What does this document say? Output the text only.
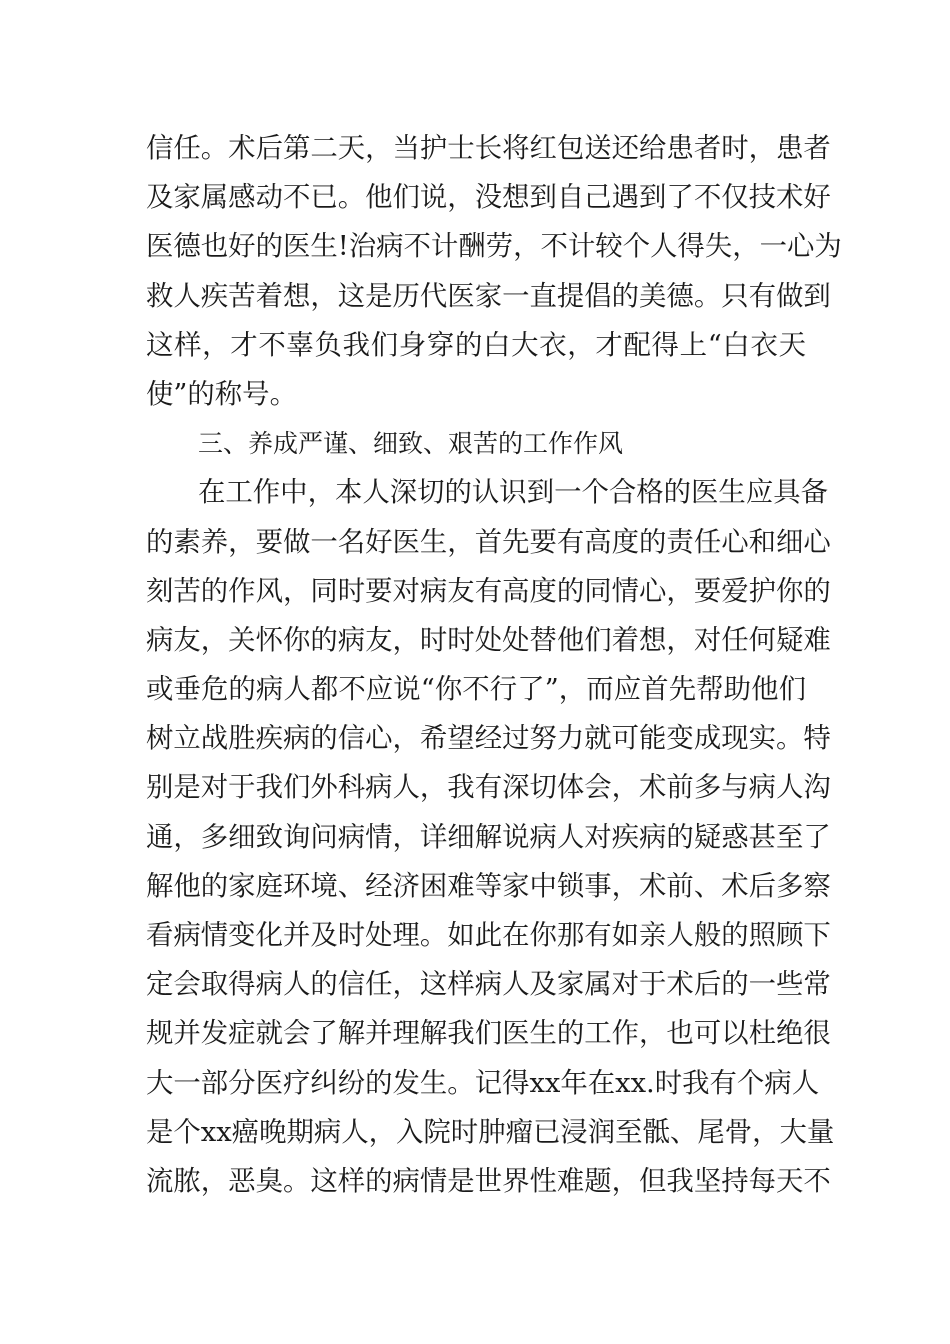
信任。术后第二天，当护士长将红包送还给患者时，患者
及家属感动不已。他们说，没想到自己遇到了不仅技术好
医德也好的医生!治病不计酬劳，不计较个人得失，一心为
救人疾苦着想，这是历代医家一直提倡的美德。只有做到
这样，才不辜负我们身穿的白大衣，才配得上“白衣天
使”的称号。
三、养成严谨、细致、艰苦的工作作风
在工作中，本人深切的认识到一个合格的医生应具备
的素养，要做一名好医生，首先要有高度的责任心和细心
刻苦的作风，同时要对病友有高度的同情心，要爱护你的
病友，关怀你的病友，时时处处替他们着想，对任何疑难
或垂危的病人都不应说“你不行了”，而应首先帮助他们
树立战胜疾病的信心，希望经过努力就可能变成现实。特
别是对于我们外科病人，我有深切体会，术前多与病人沟
通，多细致询问病情，详细解说病人对疾病的疑惑甚至了
解他的家庭环境、经济困难等家中锁事，术前、术后多察
看病情变化并及时处理。如此在你那有如亲人般的照顾下
定会取得病人的信任，这样病人及家属对于术后的一些常
规并发症就会了解并理解我们医生的工作，也可以杜绝很
大一部分医疗纠纷的发生。记得xx年在xx.时我有个病人
是个xx癌晚期病人，入院时肿瘤已浸润至骶、尾骨，大量
流脓，恶臭。这样的病情是世界性难题，但我坚持每天不
